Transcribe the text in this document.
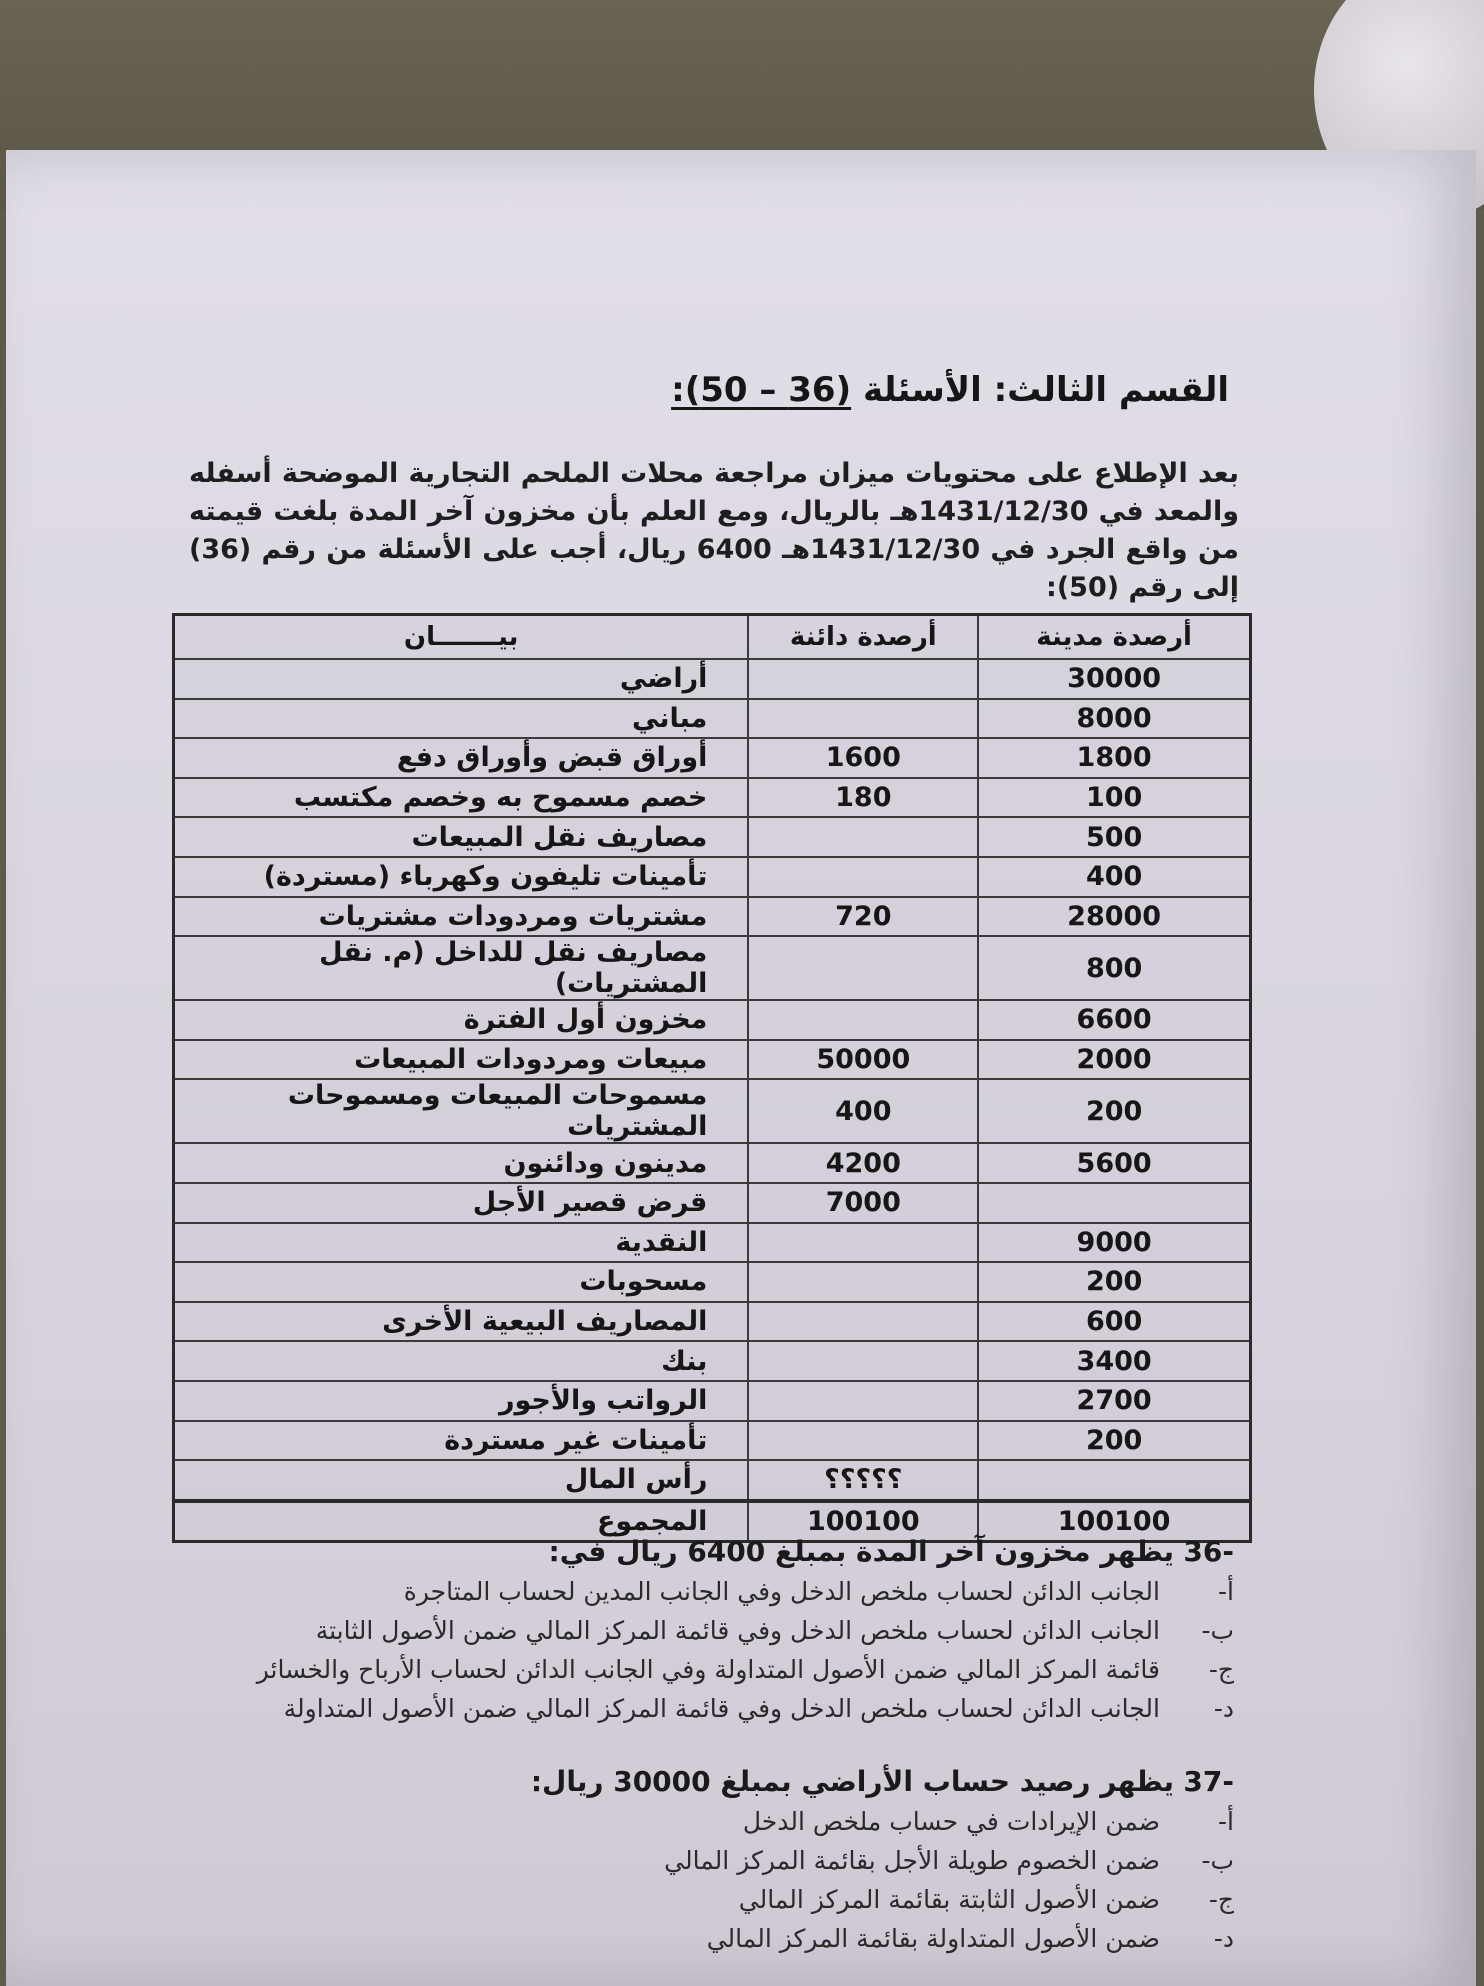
القسم الثالث: الأسئلة (36 – 50):
بعد الإطلاع على محتويات ميزان مراجعة محلات الملحم التجارية الموضحة أسفله والمعد في 1431/12/30هـ بالريال، ومع العلم بأن مخزون آخر المدة بلغت قيمته من واقع الجرد في 1431/12/30هـ 6400 ريال، أجب على الأسئلة من رقم (36) إلى رقم (50):
أرصدة مدينة	أرصدة دائنة	بيـــــــان
30000		أراضي
8000		مباني
1800	1600	أوراق قبض وأوراق دفع
100	180	خصم مسموح به وخصم مكتسب
500		مصاريف نقل المبيعات
400		تأمينات تليفون وكهرباء (مستردة)
28000	720	مشتريات ومردودات مشتريات
800		مصاريف نقل للداخل (م. نقل المشتريات)
6600		مخزون أول الفترة
2000	50000	مبيعات ومردودات المبيعات
200	400	مسموحات المبيعات ومسموحات المشتريات
5600	4200	مدينون ودائنون
	7000	قرض قصير الأجل
9000		النقدية
200		مسحوبات
600		المصاريف البيعية الأخرى
3400		بنك
2700		الرواتب والأجور
200		تأمينات غير مستردة
	؟؟؟؟؟	رأس المال
100100	100100	المجموع
-36
يظهر مخزون آخر المدة بمبلغ 6400 ريال في:
أ-
الجانب الدائن لحساب ملخص الدخل وفي الجانب المدين لحساب المتاجرة
ب-
الجانب الدائن لحساب ملخص الدخل وفي قائمة المركز المالي ضمن الأصول الثابتة
ج-
قائمة المركز المالي ضمن الأصول المتداولة وفي الجانب الدائن لحساب الأرباح والخسائر
د-
الجانب الدائن لحساب ملخص الدخل وفي قائمة المركز المالي ضمن الأصول المتداولة
-37
يظهر رصيد حساب الأراضي بمبلغ 30000 ريال:
أ-
ضمن الإيرادات في حساب ملخص الدخل
ب-
ضمن الخصوم طويلة الأجل بقائمة المركز المالي
ج-
ضمن الأصول الثابتة بقائمة المركز المالي
د-
ضمن الأصول المتداولة بقائمة المركز المالي
